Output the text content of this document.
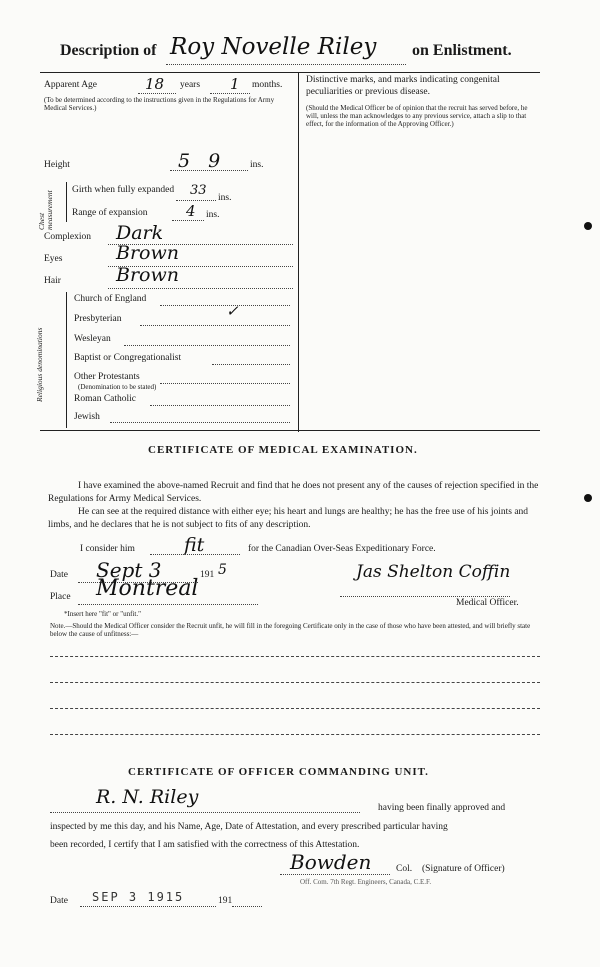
Description of Roy Novelle Riley on Enlistment.
Apparent Age	18 years 1 months.
(To be determined according to the instructions given in the Regulations for Army Medical Services.)
Height	5 9	ins.
Chest measurement
Girth when fully expanded	33 ins.
Range of expansion	4 ins.
Complexion Dark
Eyes	Brown
Hair	Brown
Religious denominations
Church of England
Presbyterian	✓
Wesleyan
Baptist or Congregationalist
Other Protestants
(Denomination to be stated)
Roman Catholic
Jewish
Distinctive marks, and marks indicating congenital peculiarities or previous disease.
(Should the Medical Officer be of opinion that the recruit has served before, he will, unless the man acknowledges to any previous service, attach a slip to that effect, for the information of the Approving Officer.)
CERTIFICATE OF MEDICAL EXAMINATION.
I have examined the above-named Recruit and find that he does not present any of the causes of rejection specified in the Regulations for Army Medical Services.
He can see at the required distance with either eye; his heart and lungs are healthy; he has the free use of his joints and limbs, and he declares that he is not subject to fits of any description.
I consider him	fit	for the Canadian Over-Seas Expeditionary Force.
Date Sept 3	191 5
Place Montreal
Jas Shelton Coffin
Medical Officer.
*Insert here "fit" or "unfit."
Note.—Should the Medical Officer consider the Recruit unfit, he will fill in the foregoing Certificate only in the case of those who have been attested, and will briefly state below the cause of unfitness:—
CERTIFICATE OF OFFICER COMMANDING UNIT.
R. N. Riley	having been finally approved and
inspected by me this day, and his Name, Age, Date of Attestation, and every prescribed particular having
been recorded, I certify that I am satisfied with the correctness of this Attestation.
Bowden	Col. (Signature of Officer)
Off. Com. 7th Regt. Engineers, Canada, C.E.F.
Date SEP 3 1915	191
